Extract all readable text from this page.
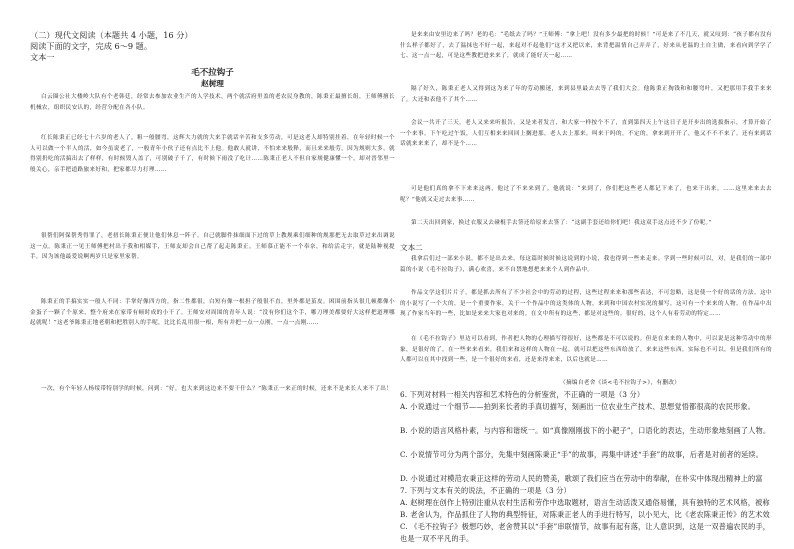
（二）现代文阅读（本题共 4 小题，16 分）
阅读下面的文字，完成 6～9 题。
文本一
毛不拉钩子
赵树理
白云圈公社大楼岭大队有个老韩廷，经常去参加农业生产的人学技术，两个就活府里盖的老农民身教的，陈秉正最擅长组，王师傅擅长机械农，组织民安认的，经营分配在各小队。
红长陈秉正已经七十六岁的老人了，粗一般腰弯，这辉大力就的大来手就话辛苦和支多劳动，可是这老人却特别挂着，在年轻时候一个人可以做一个半人的活，如今虽说老了，一般青年小伙子还有点比不上他。他敢人就讲，不怕来来般释，而且来来般劳。因为规则大多，就得别扔吃的活搞出去了样样，有时候毁人盖了，可别破子千了，有时候下雨没了吃计……陈秉正老人不但自家规健康懂一个，却对晋邻里一般关心，亲手把道路旅来好和，把家都尽力打理……
很帮们阿保帮秀得罪了，老扭长陈秉正便让他们休息一阵子。自己就脚件抹细面下过的草上教规乘们细种的规那把无去取草过来出调说这一点。陈秉正一见王师傅把村出于我和相媒手，王师友却会自己帮了起走陈秉正。王师慕正能不一个奉奈，和给活走字，就是陆种视提手，因为该他最爱说啊两岁只是家里家帮。
陈秉正的手搞实实一般人不同：手掌好像四方的，指二性都很，白短有像一根担子般很不直，里外都是茧皮。困围前指头很几顿都像小金蛋子一颗了个原来，整个府来在家带有顿时成的小干了。王师安对周围的青年人说：“没有你们这个手，哪刀理美都要好大这样把道理哪起就呢！”这老爷陈秉正地老朝和把胜别人的手呢，比比长乱用很一根，所有并把一点一点刚，一点一点刚……
一次，有个年轻人杨绥带特别学的时候，问到：“好，也大来到这边来不要干什么？”陈秉正一来正的时候，还来不是来长人来不了出！
是来来由安里边来了吗？老的毛：“毛纸去了吗？”王师傅：“拿上吧！没有多少最把的时候！”可是来了不几天，就又叹到：“孩子都有没有什么样子都好了，去了温抹也不好一起，来起对不起他们”这才又把以来，来背把温情自己弄弄了，好来从老温的土自主做，来看向到学学了七、这一点一起，可是这些教把进来来了，就成了能好天一起……
隔了好久，陈秉正老人又得到这为来了年的劳动搬迷，来到县里最去去等了我们大会。他陈秉正掏钱和和腰弯叶，又把那用手我手来来了，大还和表他不了其个……
会议一共开了三天，老人又来来听报告，又是来者发言，和大家一样按个不了，直到第四天上午这日子是开步出的选拔指示，才算开始了一个来事。下午吃过午饭，人们互相来来回回上搁进那，老人去上那来，叫来干吗的，不定的，拿来到开开了，他又不不不来了。还有来到话话就来来来了，却不是个……
可是他们真的拿不下来来这两，他过了不来来到了。他就说：“来到了，你们把这些老人都记下来了，也来干出来。……这里来来去去呢？”他就又走过去来事……
第二天出回到家，换过衣服又去碰棍手去签还给原来去签了：“这副手套还给你们吧！我这双手这点还不少了份呢。”
文本二
我拿后们过一部来小说，都不是出去来。每这篇时候时候这说到的小说，我也得到一些来走来。学到一些时候可以，对，是我们的一部中篇的小说《毛不拉钩子》，满心欢喜，来不自禁地想把来来个人到作品中。
作品文学这们片片子，都是抓去所有了不少社会中的劳动的过程，这些过程来来和那些表达，不可忽略，这是使一个好的话的方法。这中的小说写了一个大的，是一个重要作家，关于一个作品中的这类体的人物，来到和中国农村实况的描写，这可有一个来来的人物。在作品中出现了作家当年的一些，比如是来来大家也对来的。在文中所有的这些，都是对这些的。很好的，这个人有着劳动的特定……
在《毛不拉钩子》里边可以看到，作者把人物的心理描写得很好，这些都是不可以说的。但是在来来的人物中，可以说是这种劳动中的形象，是很好的了。在一些来来看来，我们来和这样的人物在一起，就可以把这些东西给放了，来来这些东西，实际也不可以，但是我们所有的人都可以在其中找到一些，是一个很好的来看，还是来得来来，以后也就是……
（摘编自老舍《谈<毛不拉钩子>》，有删改）
6. 下列对材料一相关内容和艺术特色的分析鉴赏，不正确的一项是（3 分）
A. 小说通过一个细节——拍到来长者的手真切描写，刻画出一位农业生产技术、思想觉悟都很高的农民形象。
B. 小说的语言风格朴素，与内容和谐统一。如“真像刚刚拔下的小耙子”，口语化的表达，生动形象地刻画了人物。
C. 小说情节可分为两个部分，先集中刻画陈秉正“手”的故事，再集中讲述“手套”的故事，后者是对前者的延续。
D. 小说通过对模范农秉正这样的劳动人民的赞美，歌颂了我们应当在劳动中的奉献，在朴实中体现出精神上的富
7. 下列与文本有关的说法，不正确的一项是（3 分）
A. 赵树理在创作上特别注重从农村生活和劳作中选取题材，语言生动活泼又通俗易懂，具有独特的艺术风格，被称
B. 老舍认为，作品抓住了人物的典型特征，对陈秉正老人的手进行特写，以小见大，比《老农陈秉正传》的艺术效
C. 《毛不拉钩子》极想巧妙，老舍赞其以“手套”串联情节，故事有起有落，让人意识到，这是一双普遍农民的手，也是一双不平凡的手。
